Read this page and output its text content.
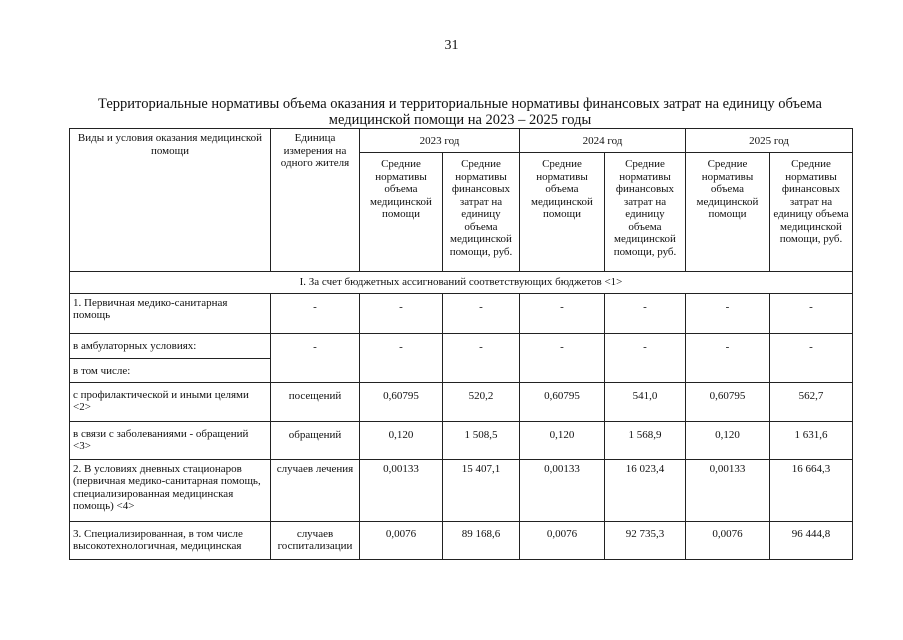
31
Территориальные нормативы объема оказания и территориальные нормативы финансовых затрат на единицу объема медицинской помощи на 2023 – 2025 годы
Виды и условия оказания медицинской помощи	Единица измерения на одного жителя	2023 год		2024 год		2025 год	
		Средние нормативы объема медицинской помощи	Средние нормативы финансовых затрат на единицу объема медицинской помощи, руб.	Средние нормативы объема медицинской помощи	Средние нормативы финансовых затрат на единицу объема медицинской помощи, руб.	Средние нормативы объема медицинской помощи	Средние нормативы финансовых затрат на единицу объема медицинской помощи, руб.
I. За счет бюджетных ассигнований соответствующих бюджетов <1>							
1. Первичная медико-санитарная помощь	-	-	-	-	-	-	-
в амбулаторных условиях:	-	-	-	-	-	-	-
в том числе:							
с профилактической и иными целями <2>	посещений	0,60795	520,2	0,60795	541,0	0,60795	562,7
в связи с заболеваниями - обращений <3>	обращений	0,120	1 508,5	0,120	1 568,9	0,120	1 631,6
2. В условиях дневных стационаров (первичная медико-санитарная помощь, специализированная медицинская помощь) <4>	случаев лечения	0,00133	15 407,1	0,00133	16 023,4	0,00133	16 664,3
3. Специализированная, в том числе высокотехнологичная, медицинская	случаев госпитализации	0,0076	89 168,6	0,0076	92 735,3	0,0076	96 444,8
